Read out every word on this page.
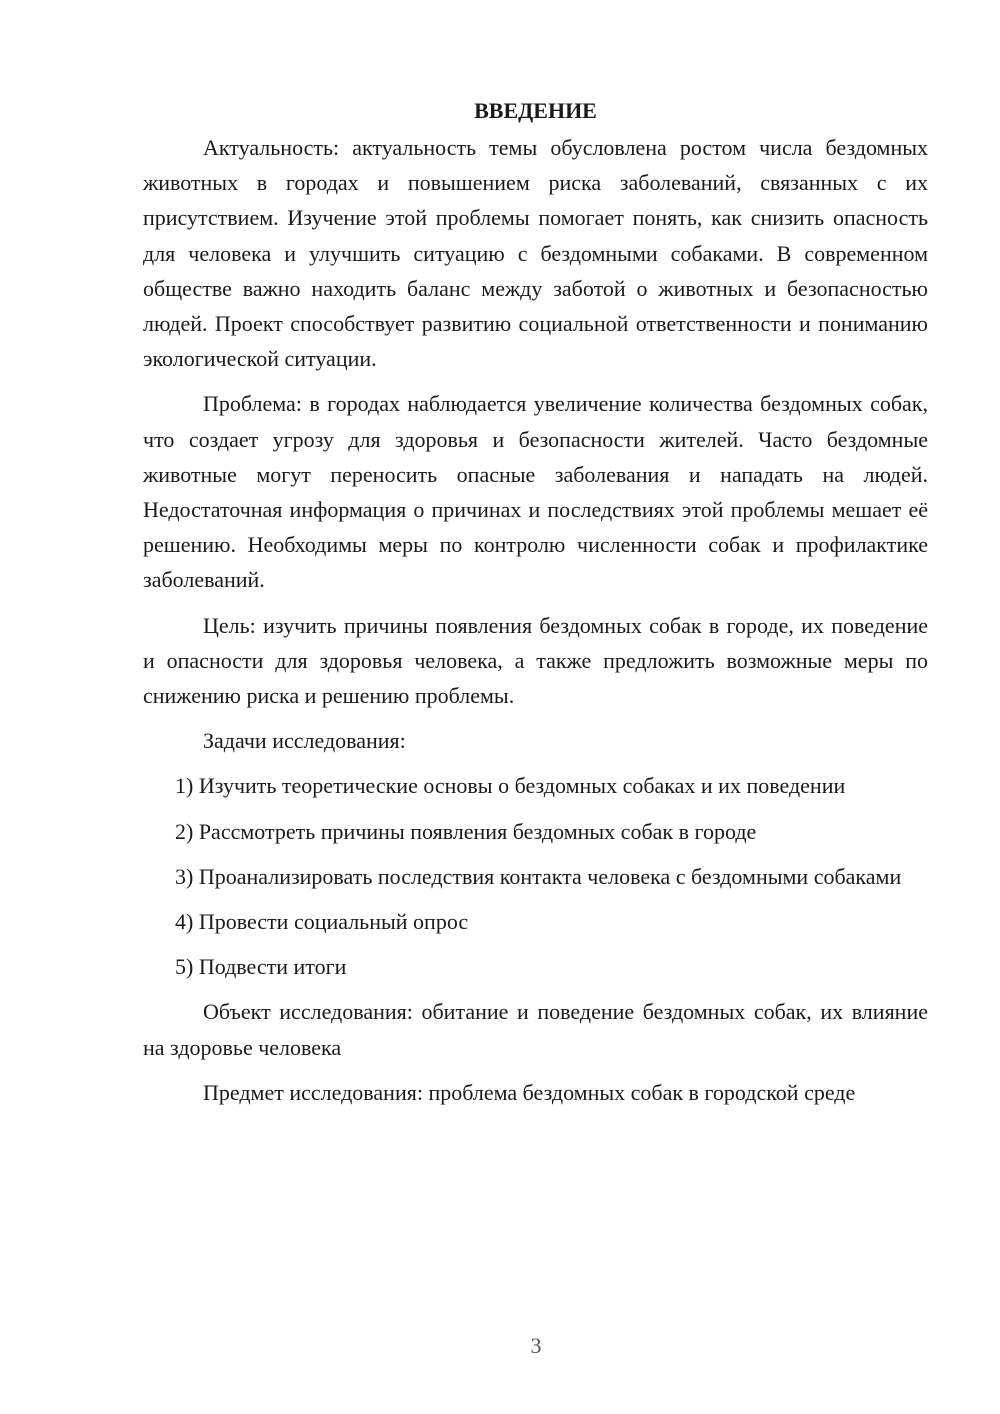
ВВЕДЕНИЕ

Актуальность: актуальность темы обусловлена ростом числа бездомных животных в городах и повышением риска заболеваний, связанных с их присутствием. Изучение этой проблемы помогает понять, как снизить опасность для человека и улучшить ситуацию с бездомными собаками. В современном обществе важно находить баланс между заботой о животных и безопасностью людей. Проект способствует развитию социальной ответственности и пониманию экологической ситуации.

Проблема: в городах наблюдается увеличение количества бездомных собак, что создает угрозу для здоровья и безопасности жителей. Часто бездомные животные могут переносить опасные заболевания и нападать на людей. Недостаточная информация о причинах и последствиях этой проблемы мешает её решению. Необходимы меры по контролю численности собак и профилактике заболеваний.

Цель: изучить причины появления бездомных собак в городе, их поведение и опасности для здоровья человека, а также предложить возможные меры по снижению риска и решению проблемы.

Задачи исследования:

1) Изучить теоретические основы о бездомных собаках и их поведении

2) Рассмотреть причины появления бездомных собак в городе

3) Проанализировать последствия контакта человека с бездомными собаками

4) Провести социальный опрос

5) Подвести итоги

Объект исследования: обитание и поведение бездомных собак, их влияние на здоровье человека

Предмет исследования: проблема бездомных собак в городской среде

3
